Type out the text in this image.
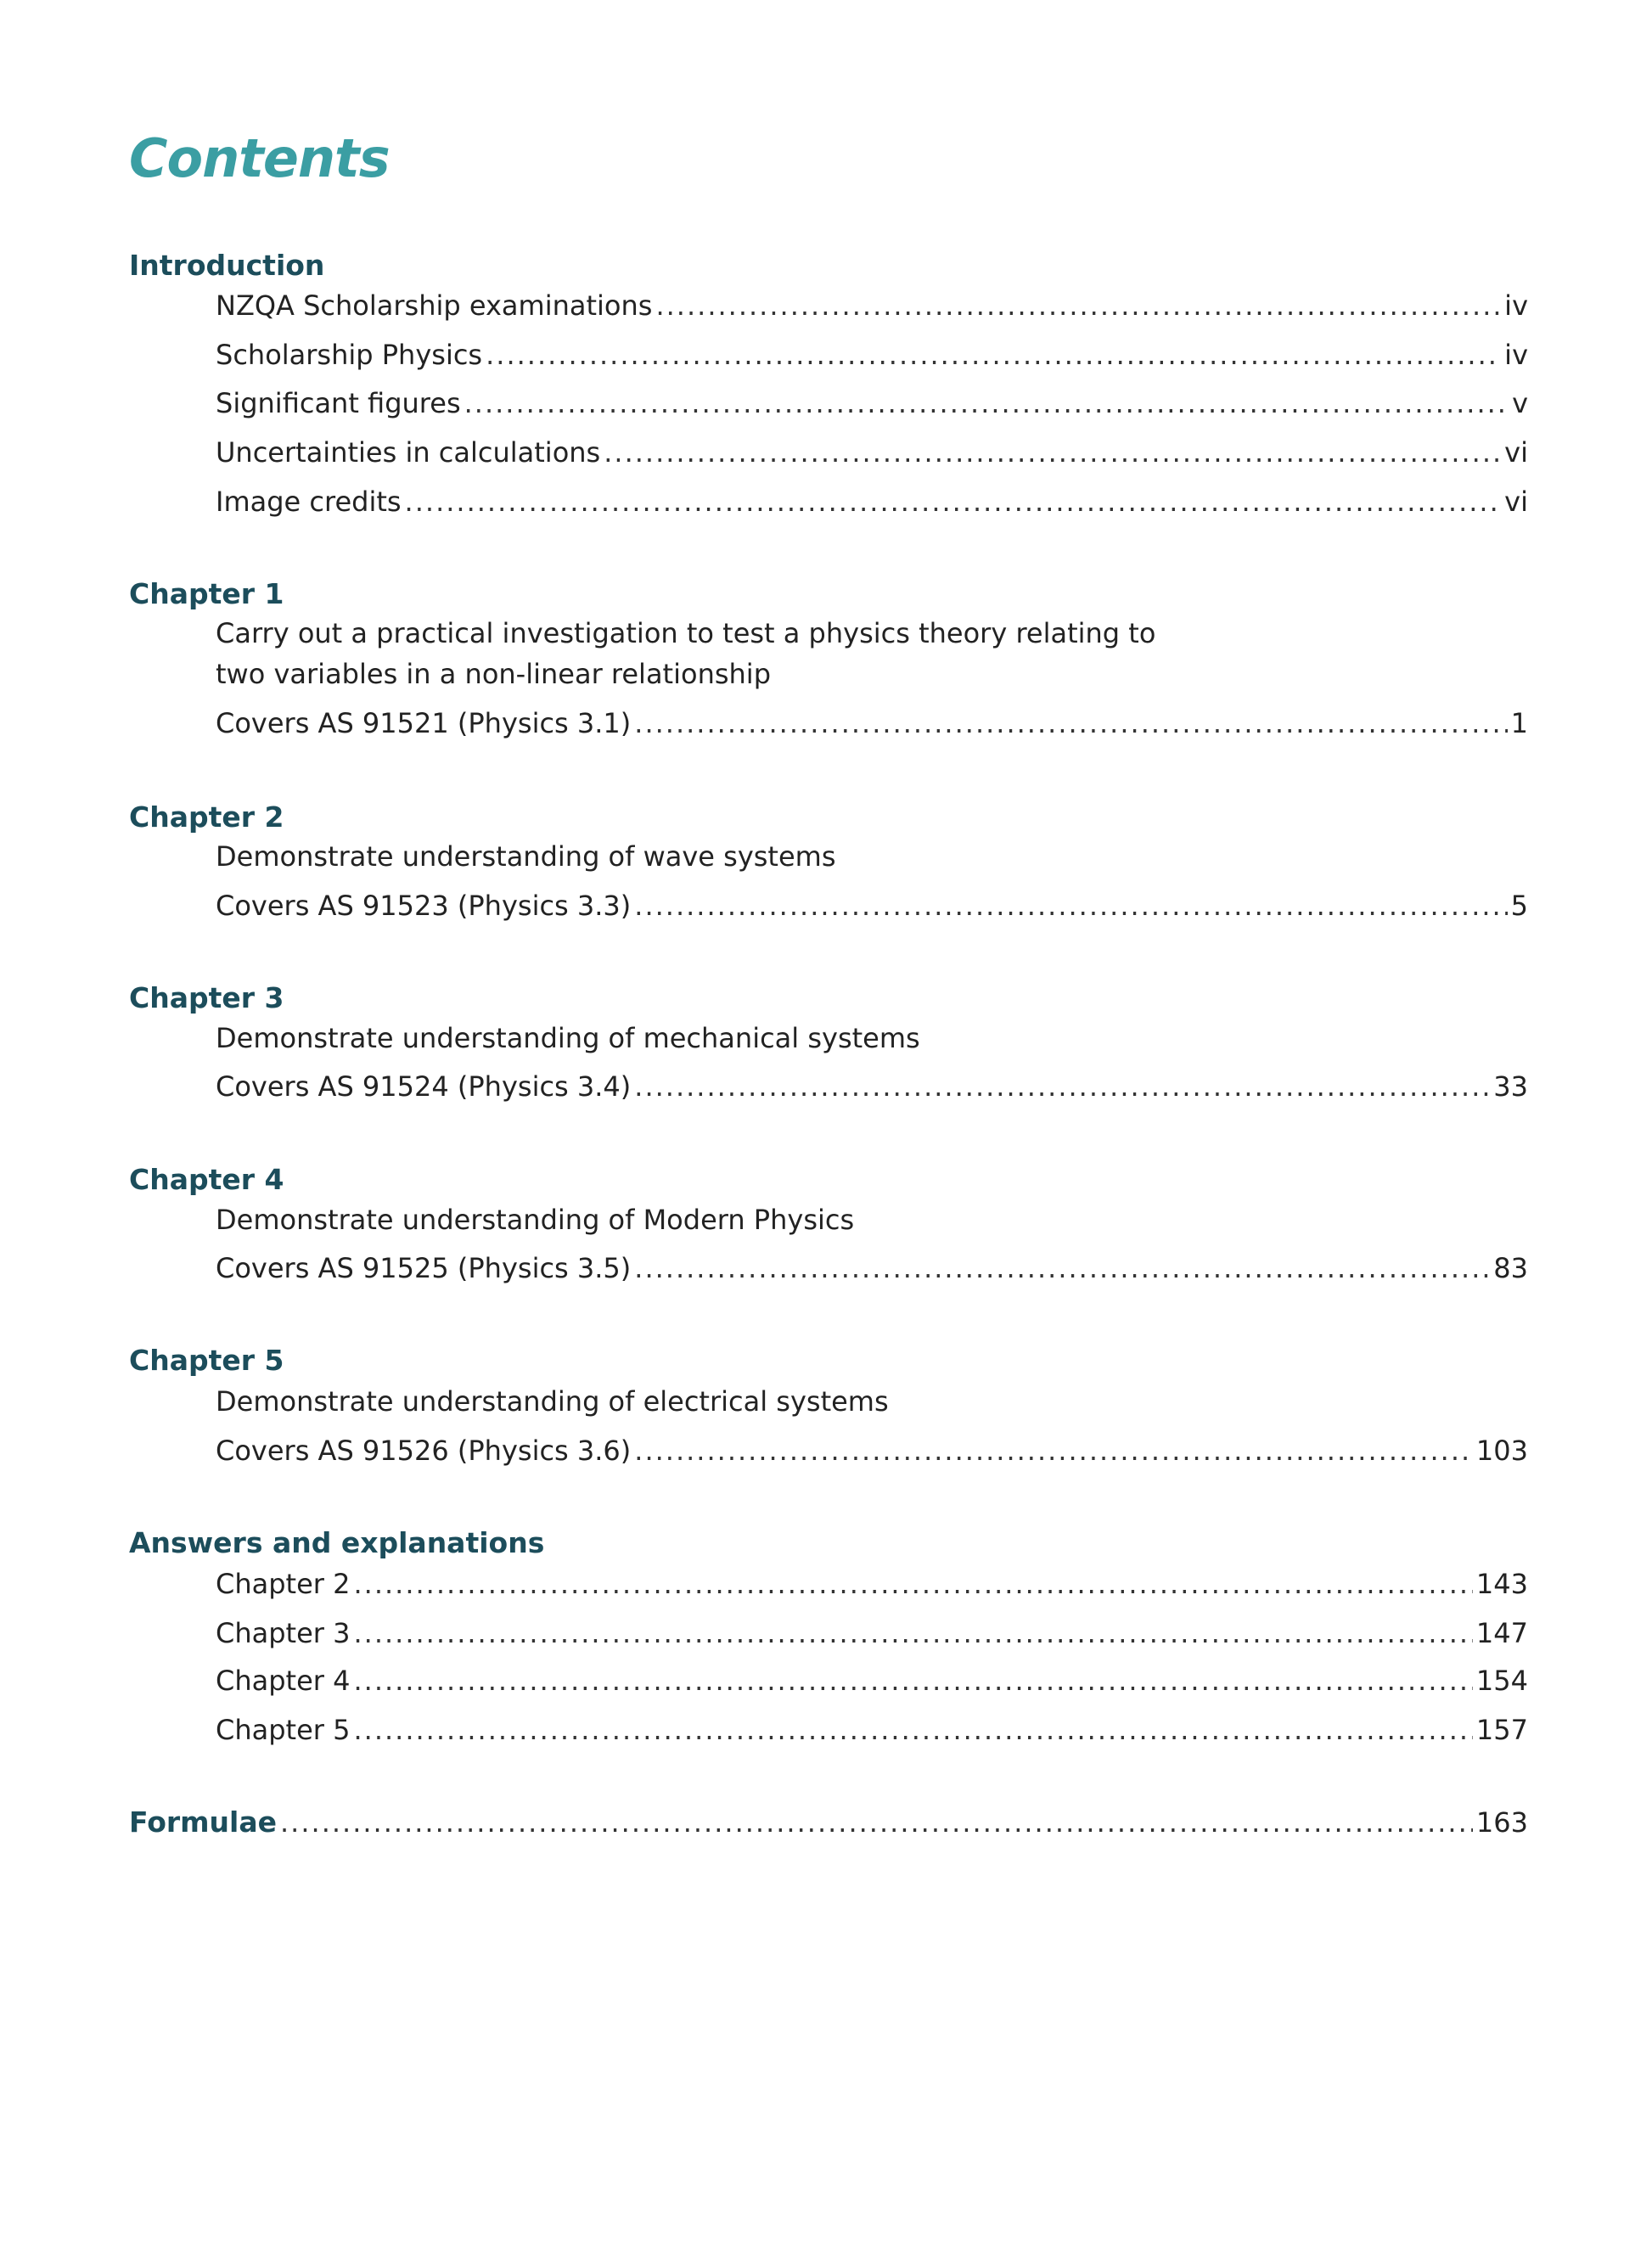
Contents
Introduction
NZQA Scholarship examinations .....	iv
Scholarship Physics .....	iv
Significant figures .....	v
Uncertainties in calculations .....	vi
Image credits .....	vi
Chapter 1
Carry out a practical investigation to test a physics theory relating to
two variables in a non-linear relationship
Covers AS 91521 (Physics 3.1) .....	1
Chapter 2
Demonstrate understanding of wave systems
Covers AS 91523 (Physics 3.3) .....	5
Chapter 3
Demonstrate understanding of mechanical systems
Covers AS 91524 (Physics 3.4) .....	33
Chapter 4
Demonstrate understanding of Modern Physics
Covers AS 91525 (Physics 3.5) .....	83
Chapter 5
Demonstrate understanding of electrical systems
Covers AS 91526 (Physics 3.6) .....	103
Answers and explanations
Chapter 2 .....	143
Chapter 3 .....	147
Chapter 4 .....	154
Chapter 5 .....	157
Formulae .....	163
